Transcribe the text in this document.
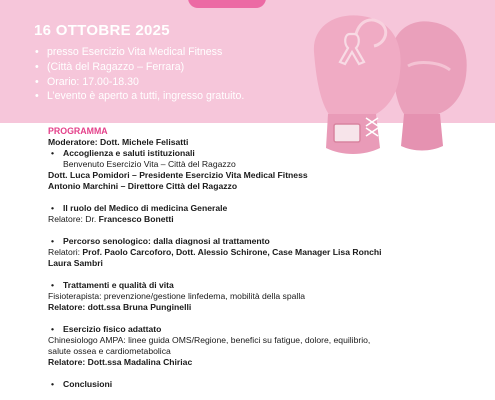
16 OTTOBRE 2025
• presso Esercizio Vita Medical Fitness
• (Città del Ragazzo – Ferrara)
• Orario: 17.00-18.30
• L’evento è aperto a tutti, ingresso gratuito.
PROGRAMMA
Moderatore: Dott. Michele Felisatti
• Accoglienza e saluti istituzionali
Benvenuto Esercizio Vita – Città del Ragazzo
Dott. Luca Pomidori – Presidente Esercizio Vita Medical Fitness
Antonio Marchini – Direttore Città del Ragazzo
• Il ruolo del Medico di medicina Generale
Relatore: Dr. Francesco Bonetti
• Percorso senologico: dalla diagnosi al trattamento
Relatori: Prof. Paolo Carcoforo, Dott. Alessio Schirone, Case Manager Lisa Ronchi
Laura Sambri
• Trattamenti e qualità di vita
Fisioterapista: prevenzione/gestione linfedema, mobilità della spalla
Relatore: dott.ssa Bruna Punginelli
• Esercizio fisico adattato
Chinesiologo AMPA: linee guida OMS/Regione, benefici su fatigue, dolore, equilibrio,
salute ossea e cardiometabolica
Relatore: Dott.ssa Madalina Chiriac
• Conclusioni
